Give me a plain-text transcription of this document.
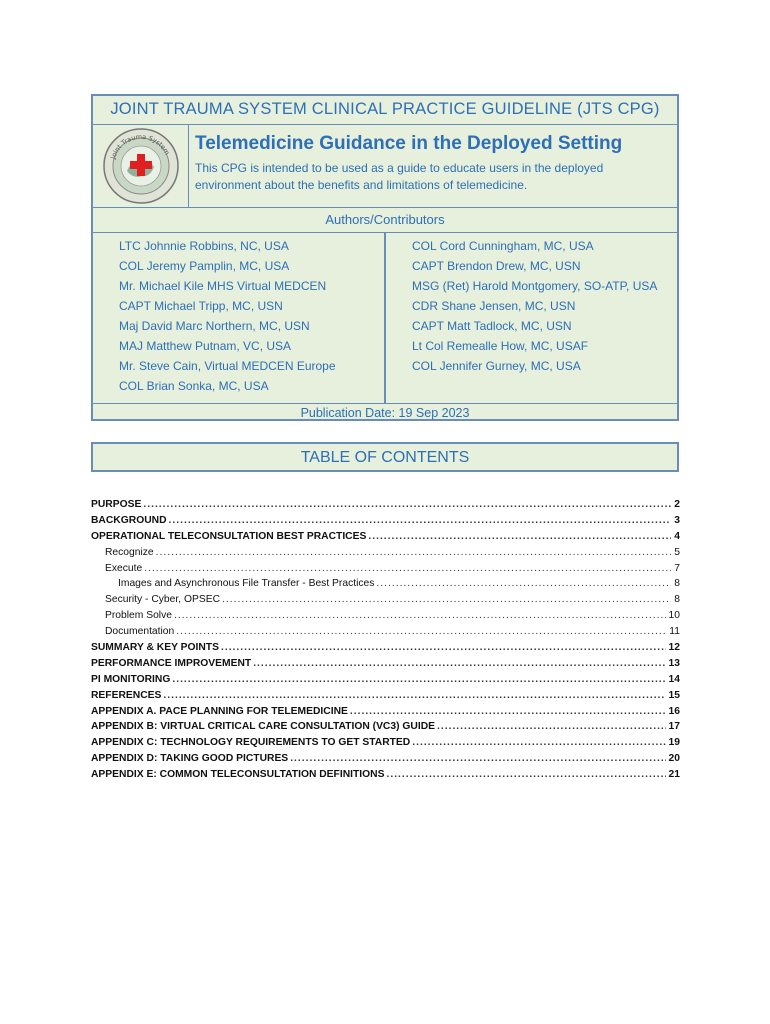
JOINT TRAUMA SYSTEM CLINICAL PRACTICE GUIDELINE (JTS CPG)
Joint Trauma System Telemedicine Guidance in the Deployed Setting
This CPG is intended to be used as a guide to educate users in the deployed environment about the benefits and limitations of telemedicine.
Authors/Contributors
LTC Johnnie Robbins, NC, USA
COL Jeremy Pamplin, MC, USA
Mr. Michael Kile MHS Virtual MEDCEN
CAPT Michael Tripp, MC, USN
Maj David Marc Northern, MC, USN
MAJ Matthew Putnam, VC, USA
Mr. Steve Cain, Virtual MEDCEN Europe
COL Brian Sonka, MC, USA
COL Cord Cunningham, MC, USA
CAPT Brendon Drew, MC, USN
MSG (Ret) Harold Montgomery, SO-ATP, USA
CDR Shane Jensen, MC, USN
CAPT Matt Tadlock, MC, USN
Lt Col Remealle How, MC, USAF
COL Jennifer Gurney, MC, USA
Publication Date: 19 Sep 2023
TABLE OF CONTENTS
PURPOSE .....	2
BACKGROUND .....	3
OPERATIONAL TELECONSULTATION BEST PRACTICES .....	4
Recognize .....	5
Execute .....	7
Images and Asynchronous File Transfer - Best Practices .....	8
Security - Cyber, OPSEC .....	8
Problem Solve .....	10
Documentation .....	11
SUMMARY & KEY POINTS .....	12
PERFORMANCE IMPROVEMENT .....	13
PI MONITORING .....	14
REFERENCES .....	15
APPENDIX A. PACE PLANNING FOR TELEMEDICINE .....	16
APPENDIX B: VIRTUAL CRITICAL CARE CONSULTATION (VC3) GUIDE .....	17
APPENDIX C: TECHNOLOGY REQUIREMENTS TO GET STARTED .....	19
APPENDIX D: TAKING GOOD PICTURES .....	20
APPENDIX E: COMMON TELECONSULTATION DEFINITIONS .....	21
